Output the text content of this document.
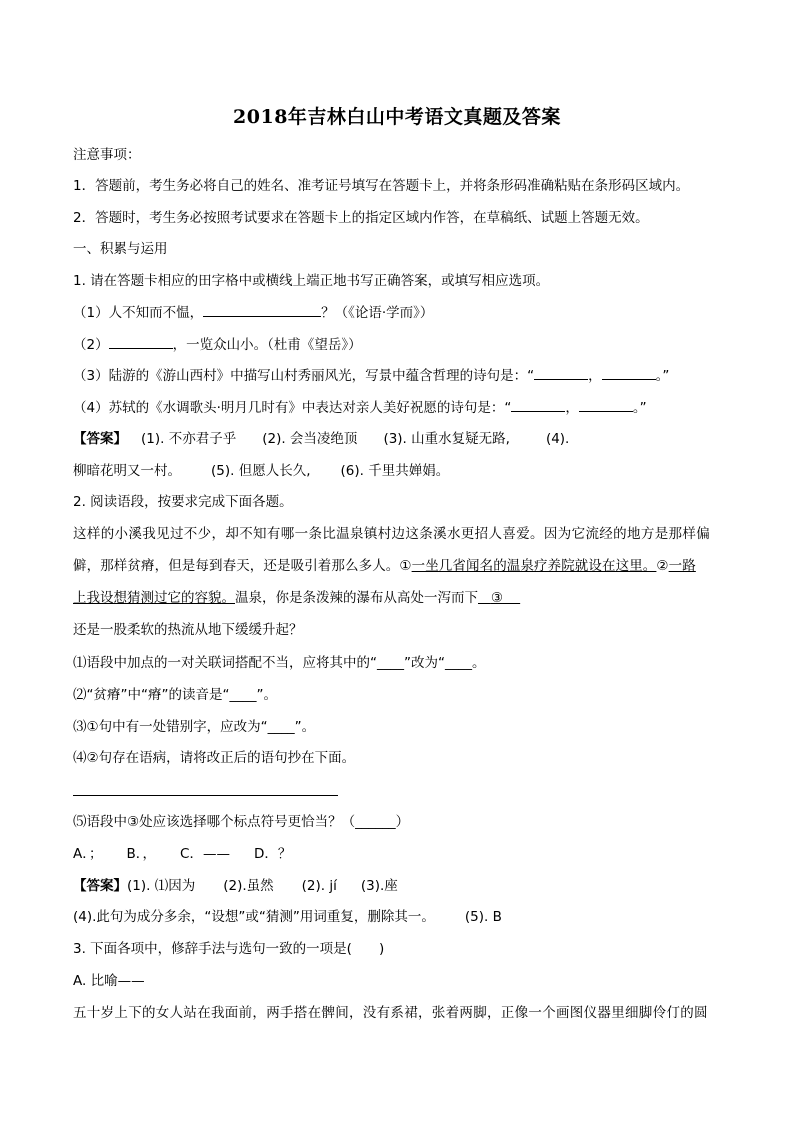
2018年吉林白山中考语文真题及答案
注意事项：
1．答题前，考生务必将自己的姓名、准考证号填写在答题卡上，并将条形码准确粘贴在条形码区域内。
2．答题时，考生务必按照考试要求在答题卡上的指定区域内作答，在草稿纸、试题上答题无效。
一、积累与运用
1. 请在答题卡相应的田字格中或横线上端正地书写正确答案，或填写相应选项。
（1）人不知而不愠，	？（《论语·学而》）
（2）	，一览众山小。（杜甫《望岳》）
（3）陆游的《游山西村》中描写山村秀丽风光，写景中蕴含哲理的诗句是：“	，	。”
（4）苏轼的《水调歌头·明月几时有》中表达对亲人美好祝愿的诗句是：“	，	。”
【答案】 (1). 不亦君子乎 (2). 会当凌绝顶 (3). 山重水复疑无路,	(4).
柳暗花明又一村。 (5). 但愿人长久, (6). 千里共婵娟。
2. 阅读语段，按要求完成下面各题。
这样的小溪我见过不少，却不知有哪一条比温泉镇村边这条溪水更招人喜爱。因为它流经的地方是那样偏
僻，那样贫瘠，但是每到春天，还是吸引着那么多人。①一坐几省闻名的温泉疗养院就设在这里。②一路
上我设想猜测过它的容貌。温泉，你是条泼辣的瀑布从高处一泻而下 ③
还是一股柔软的热流从地下缓缓升起？
⑴语段中加点的一对关联词搭配不当，应将其中的“____”改为“____。
⑵“贫瘠”中“瘠”的读音是“____”。
⑶①句中有一处错别字，应改为“____”。
⑷②句存在语病，请将改正后的语句抄在下面。
⑸语段中③处应该选择哪个标点符号更恰当？（______）
A．； B．， C．—— D．？
【答案】(1). ⑴因为 (2).虽然 (2). jí (3).座
(4).此句为成分多余，“设想”或“猜测”用词重复，删除其一。 (5). B
3. 下面各项中，修辞手法与选句一致的一项是(　　)
A. 比喻——
五十岁上下的女人站在我面前，两手搭在髀间，没有系裙，张着两脚，正像一个画图仪器里细脚伶仃的圆
